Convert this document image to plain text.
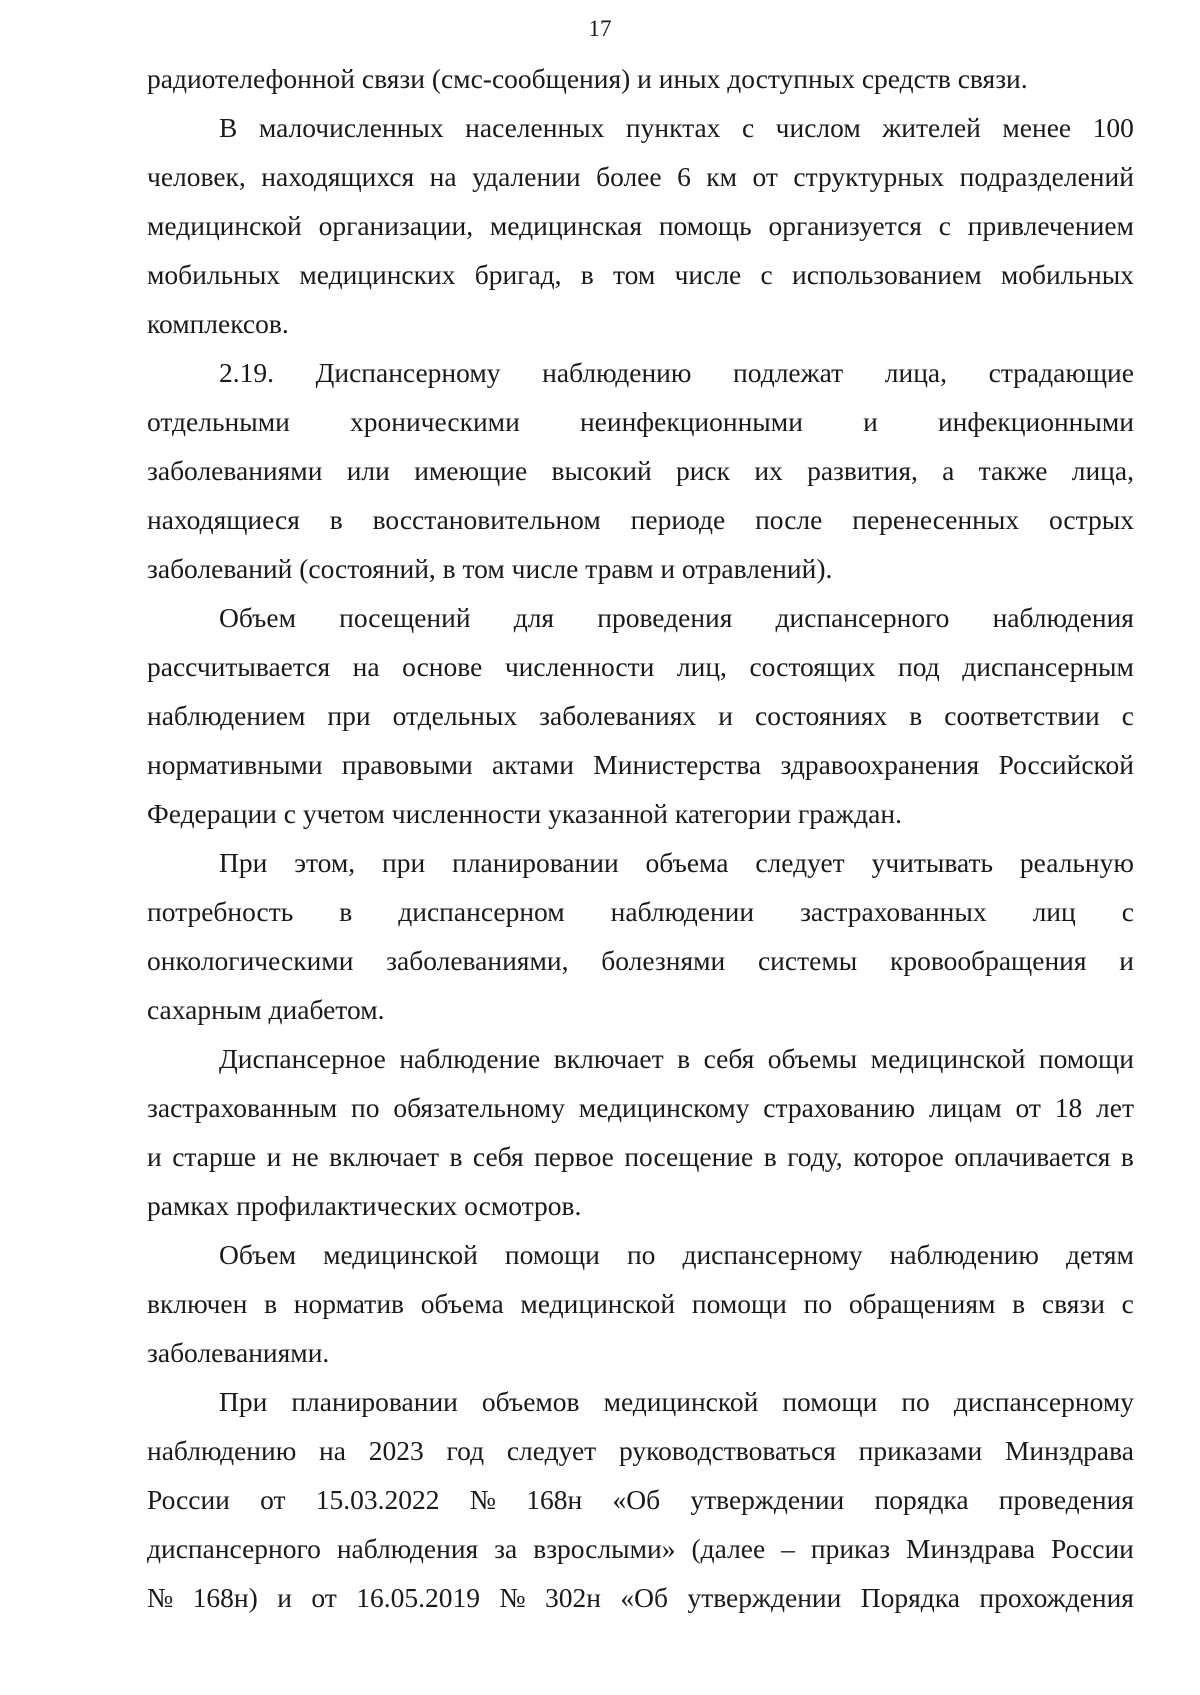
17
радиотелефонной связи (смс-сообщения) и иных доступных средств связи.
В малочисленных населенных пунктах с числом жителей менее 100
человек, находящихся на удалении более 6 км от структурных подразделений
медицинской организации, медицинская помощь организуется с привлечением
мобильных медицинских бригад, в том числе с использованием мобильных
комплексов.
2.19. Диспансерному наблюдению подлежат лица, страдающие
отдельными хроническими неинфекционными и инфекционными
заболеваниями или имеющие высокий риск их развития, а также лица,
находящиеся в восстановительном периоде после перенесенных острых
заболеваний (состояний, в том числе травм и отравлений).
Объем посещений для проведения диспансерного наблюдения
рассчитывается на основе численности лиц, состоящих под диспансерным
наблюдением при отдельных заболеваниях и состояниях в соответствии с
нормативными правовыми актами Министерства здравоохранения Российской
Федерации с учетом численности указанной категории граждан.
При этом, при планировании объема следует учитывать реальную
потребность в диспансерном наблюдении застрахованных лиц с
онкологическими заболеваниями, болезнями системы кровообращения и
сахарным диабетом.
Диспансерное наблюдение включает в себя объемы медицинской помощи
застрахованным по обязательному медицинскому страхованию лицам от 18 лет
и старше и не включает в себя первое посещение в году, которое оплачивается в
рамках профилактических осмотров.
Объем медицинской помощи по диспансерному наблюдению детям
включен в норматив объема медицинской помощи по обращениям в связи с
заболеваниями.
При планировании объемов медицинской помощи по диспансерному
наблюдению на 2023 год следует руководствоваться приказами Минздрава
России от 15.03.2022 № 168н «Об утверждении порядка проведения
диспансерного наблюдения за взрослыми» (далее – приказ Минздрава России
№ 168н) и от 16.05.2019 № 302н «Об утверждении Порядка прохождения
